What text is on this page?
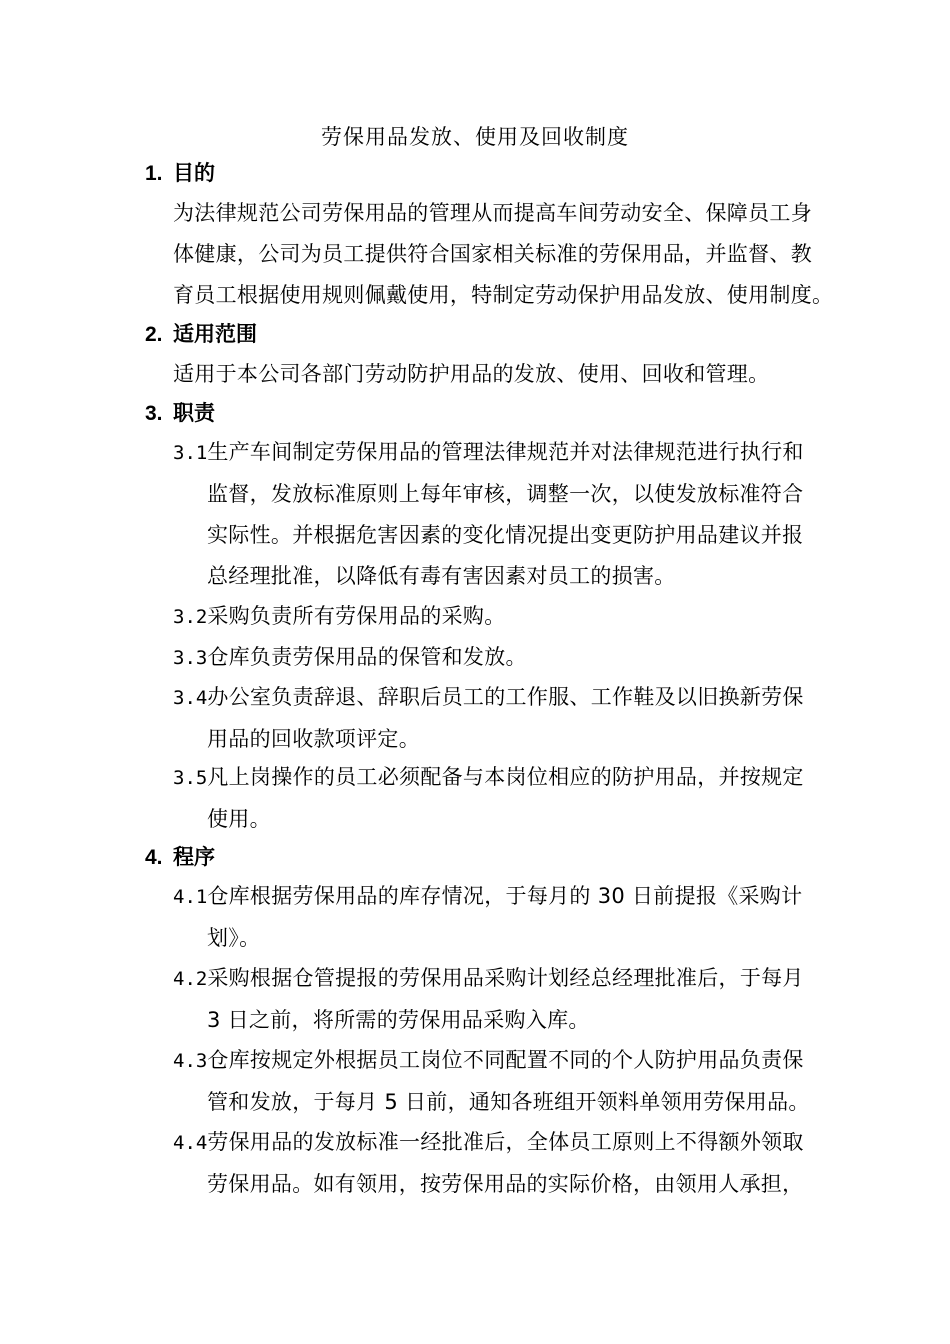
劳保用品发放、使用及回收制度
1. 目的
为法律规范公司劳保用品的管理从而提高车间劳动安全、保障员工身
体健康，公司为员工提供符合国家相关标准的劳保用品，并监督、教
育员工根据使用规则佩戴使用，特制定劳动保护用品发放、使用制度。
2. 适用范围
适用于本公司各部门劳动防护用品的发放、使用、回收和管理。
3. 职责
3.1生产车间制定劳保用品的管理法律规范并对法律规范进行执行和
监督，发放标准原则上每年审核，调整一次，以使发放标准符合
实际性。并根据危害因素的变化情况提出变更防护用品建议并报
总经理批准，以降低有毒有害因素对员工的损害。
3.2采购负责所有劳保用品的采购。
3.3仓库负责劳保用品的保管和发放。
3.4办公室负责辞退、辞职后员工的工作服、工作鞋及以旧换新劳保
用品的回收款项评定。
3.5凡上岗操作的员工必须配备与本岗位相应的防护用品，并按规定
使用。
4. 程序
4.1仓库根据劳保用品的库存情况，于每月的 30 日前提报《采购计
划》。
4.2采购根据仓管提报的劳保用品采购计划经总经理批准后，于每月
3 日之前，将所需的劳保用品采购入库。
4.3仓库按规定外根据员工岗位不同配置不同的个人防护用品负责保
管和发放，于每月 5 日前，通知各班组开领料单领用劳保用品。
4.4劳保用品的发放标准一经批准后，全体员工原则上不得额外领取
劳保用品。如有领用，按劳保用品的实际价格，由领用人承担，
